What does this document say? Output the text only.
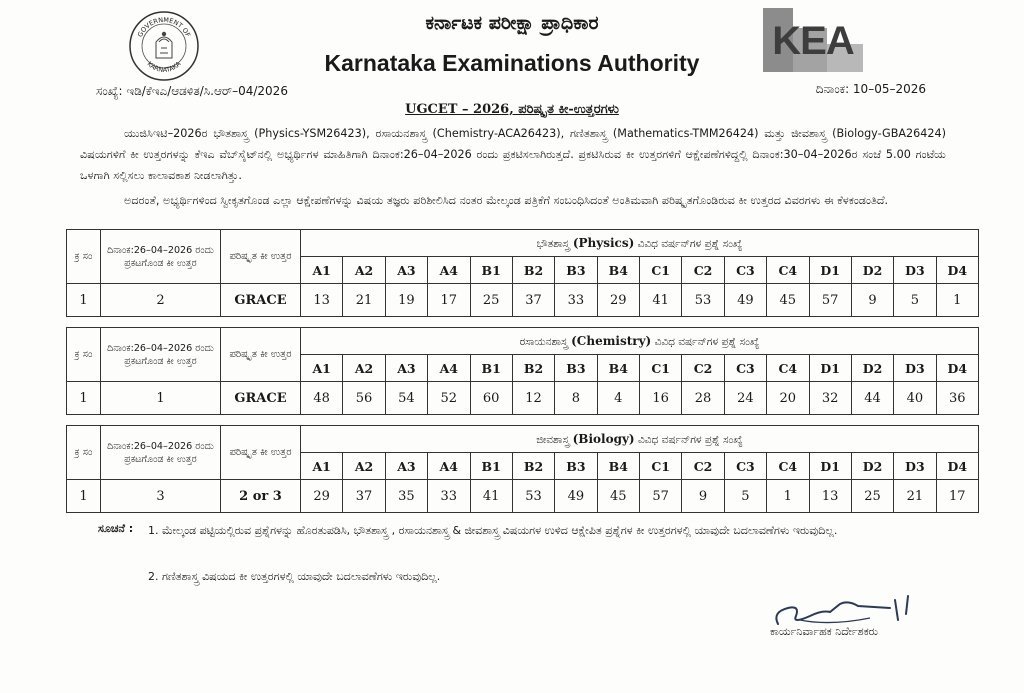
GOVERNMENT OF
KARNATAKA
ಕರ್ನಾಟಕ ಪರೀಕ್ಷಾ ಪ್ರಾಧಿಕಾರ
Karnataka Examinations Authority	KEA
ಸಂಖ್ಯೆ: ಇಡಿ/ಕೆಇಎ/ಆಡಳಿತ/ಸಿ.ಆರ್–04/2026	ದಿನಾಂಕ: 10–05–2026
UGCET – 2026, ಪರಿಷ್ಕೃತ ಕೀ-ಉತ್ತರಗಳು
ಯುಜಿಸಿಇಟಿ–2026ರ ಭೌತಶಾಸ್ತ್ರ (Physics-YSM26423), ರಸಾಯನಶಾಸ್ತ್ರ (Chemistry-ACA26423), ಗಣಿತಶಾಸ್ತ್ರ (Mathematics-TMM26424) ಮತ್ತು ಜೀವಶಾಸ್ತ್ರ (Biology-GBA26424) ವಿಷಯಗಳಿಗೆ ಕೀ ಉತ್ತರಗಳನ್ನು ಕೆಇಎ ವೆಬ್‌ಸೈಟ್‌ನಲ್ಲಿ ಅಭ್ಯರ್ಥಿಗಳ ಮಾಹಿತಿಗಾಗಿ ದಿನಾಂಕ:26–04–2026 ರಂದು ಪ್ರಕಟಿಸಲಾಗಿರುತ್ತದೆ. ಪ್ರಕಟಿಸಿರುವ ಕೀ ಉತ್ತರಗಳಿಗೆ ಆಕ್ಷೇಪಣೆಗಳಿದ್ದಲ್ಲಿ ದಿನಾಂಕ:30–04–2026ರ ಸಂಜೆ 5.00 ಗಂಟೆಯ ಒಳಗಾಗಿ ಸಲ್ಲಿಸಲು ಕಾಲಾವಕಾಶ ನೀಡಲಾಗಿತ್ತು.
ಅದರಂತೆ, ಅಭ್ಯರ್ಥಿಗಳಿಂದ ಸ್ವೀಕೃತಗೊಂಡ ಎಲ್ಲಾ ಆಕ್ಷೇಪಣೆಗಳನ್ನು ವಿಷಯ ತಜ್ಞರು ಪರಿಶೀಲಿಸಿದ ನಂತರ ಮೇಲ್ಕಂಡ ಪತ್ರಿಕೆಗೆ ಸಂಬಂಧಿಸಿದಂತೆ ಅಂತಿಮವಾಗಿ ಪರಿಷ್ಕೃತಗೊಂಡಿರುವ ಕೀ ಉತ್ತರದ ವಿವರಗಳು ಈ ಕೆಳಕಂಡಂತಿದೆ.
ಕ್ರ ಸಂ	ದಿನಾಂಕ:26–04–2026 ರಂದು ಪ್ರಕಟಗೊಂಡ ಕೀ ಉತ್ತರ	ಪರಿಷ್ಕೃತ ಕೀ ಉತ್ತರ	ಭೌತಶಾಸ್ತ್ರ (Physics) ವಿವಿಧ ವರ್ಷನ್‌ಗಳ ಪ್ರಶ್ನೆ ಸಂಖ್ಯೆ															
			A1	A2	A3	A4	B1	B2	B3	B4	C1	C2	C3	C4	D1	D2	D3	D4
1	2	GRACE	13	21	19	17	25	37	33	29	41	53	49	45	57	9	5	1
ಕ್ರ ಸಂ	ದಿನಾಂಕ:26–04–2026 ರಂದು ಪ್ರಕಟಗೊಂಡ ಕೀ ಉತ್ತರ	ಪರಿಷ್ಕೃತ ಕೀ ಉತ್ತರ	ರಸಾಯನಶಾಸ್ತ್ರ (Chemistry) ವಿವಿಧ ವರ್ಷನ್‌ಗಳ ಪ್ರಶ್ನೆ ಸಂಖ್ಯೆ															
			A1	A2	A3	A4	B1	B2	B3	B4	C1	C2	C3	C4	D1	D2	D3	D4
1	1	GRACE	48	56	54	52	60	12	8	4	16	28	24	20	32	44	40	36
ಕ್ರ ಸಂ	ದಿನಾಂಕ:26–04–2026 ರಂದು ಪ್ರಕಟಗೊಂಡ ಕೀ ಉತ್ತರ	ಪರಿಷ್ಕೃತ ಕೀ ಉತ್ತರ	ಜೀವಶಾಸ್ತ್ರ (Biology) ವಿವಿಧ ವರ್ಷನ್‌ಗಳ ಪ್ರಶ್ನೆ ಸಂಖ್ಯೆ															
			A1	A2	A3	A4	B1	B2	B3	B4	C1	C2	C3	C4	D1	D2	D3	D4
1	3	2 or 3	29	37	35	33	41	53	49	45	57	9	5	1	13	25	21	17
ಸೂಚನೆ : 1. ಮೇಲ್ಕಂಡ ಪಟ್ಟಿಯಲ್ಲಿರುವ ಪ್ರಶ್ನೆಗಳನ್ನು ಹೊರತುಪಡಿಸಿ, ಭೌತಶಾಸ್ತ್ರ , ರಸಾಯನಶಾಸ್ತ್ರ & ಜೀವಶಾಸ್ತ್ರ ವಿಷಯಗಳ ಉಳಿದ ಆಕ್ಷೇಪಿತ ಪ್ರಶ್ನೆಗಳ ಕೀ ಉತ್ತರಗಳಲ್ಲಿ ಯಾವುದೇ ಬದಲಾವಣೆಗಳು ಇರುವುದಿಲ್ಲ.
2. ಗಣಿತಶಾಸ್ತ್ರ ವಿಷಯದ ಕೀ ಉತ್ತರಗಳಲ್ಲಿ ಯಾವುದೇ ಬದಲಾವಣೆಗಳು ಇರುವುದಿಲ್ಲ.
ಕಾರ್ಯನಿರ್ವಾಹಕ ನಿರ್ದೇಶಕರು
